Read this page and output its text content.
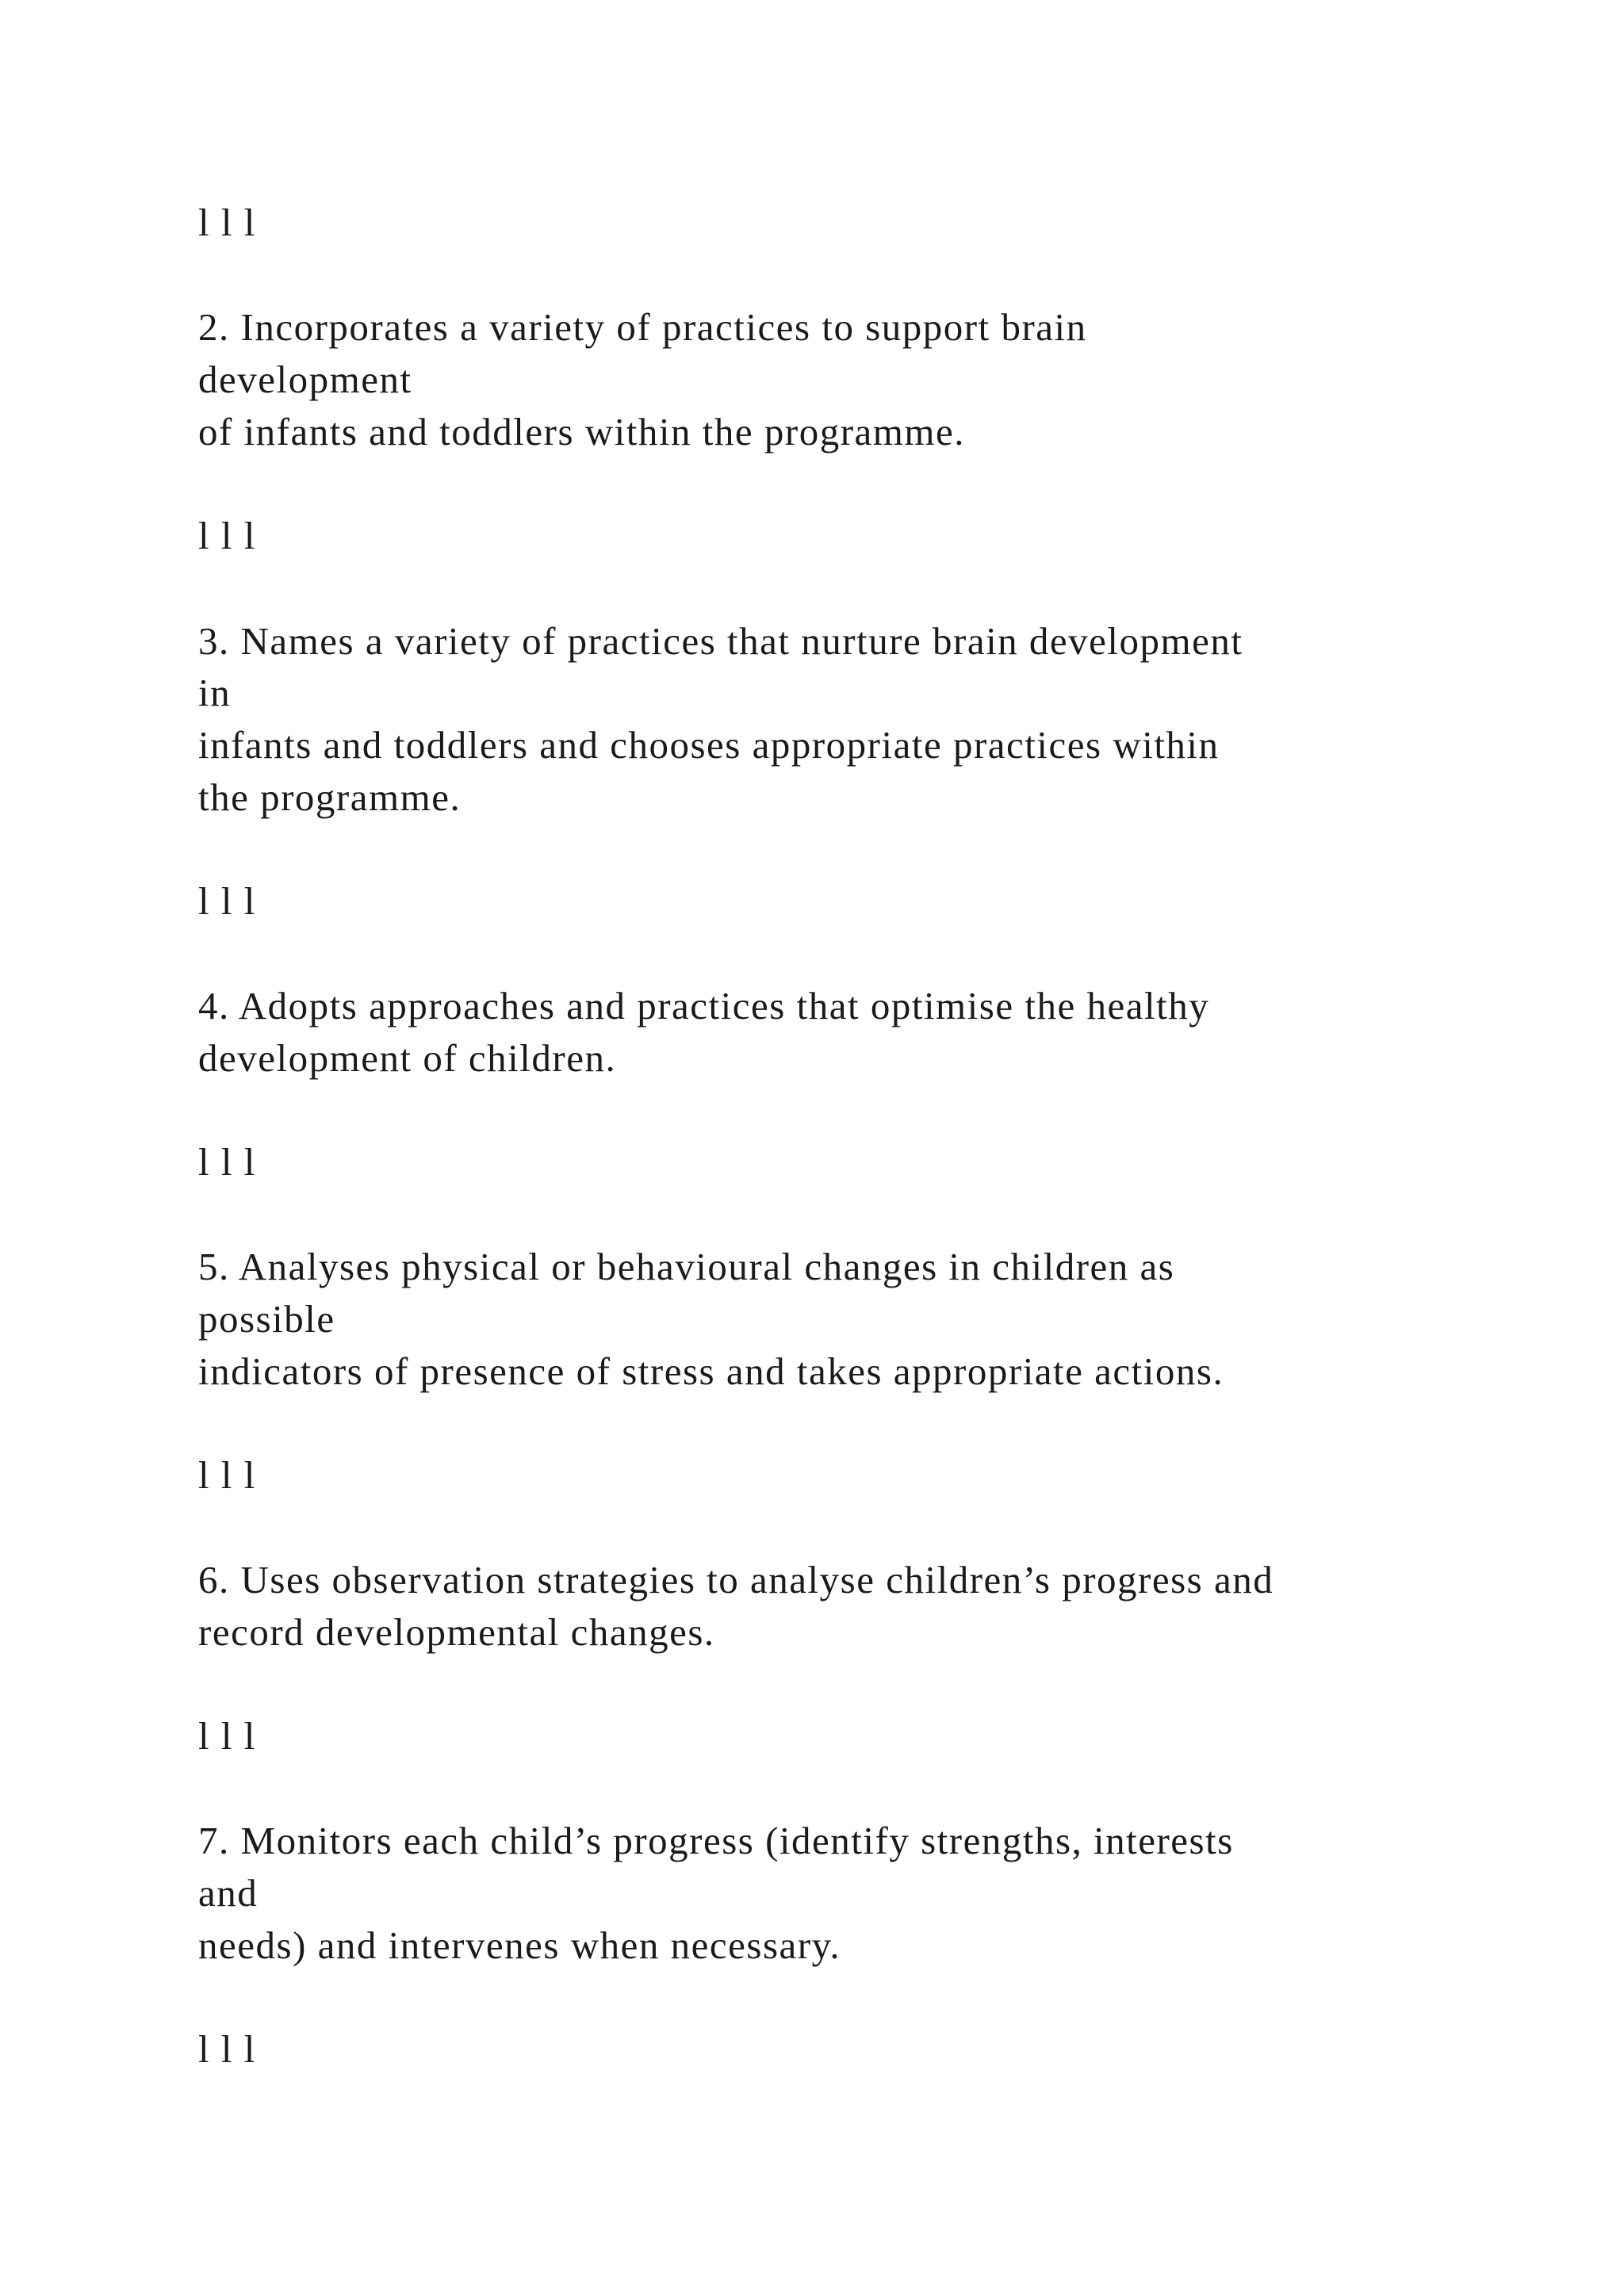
l l l

2. Incorporates a variety of practices to support brain

development

of infants and toddlers within the programme.

l l l

3. Names a variety of practices that nurture brain development

in

infants and toddlers and chooses appropriate practices within

the programme.

l l l

4. Adopts approaches and practices that optimise the healthy

development of children.

l l l

5. Analyses physical or behavioural changes in children as

possible

indicators of presence of stress and takes appropriate actions.

l l l

6. Uses observation strategies to analyse children’s progress and

record developmental changes.

l l l

7. Monitors each child’s progress (identify strengths, interests

and

needs) and intervenes when necessary.

l l l
